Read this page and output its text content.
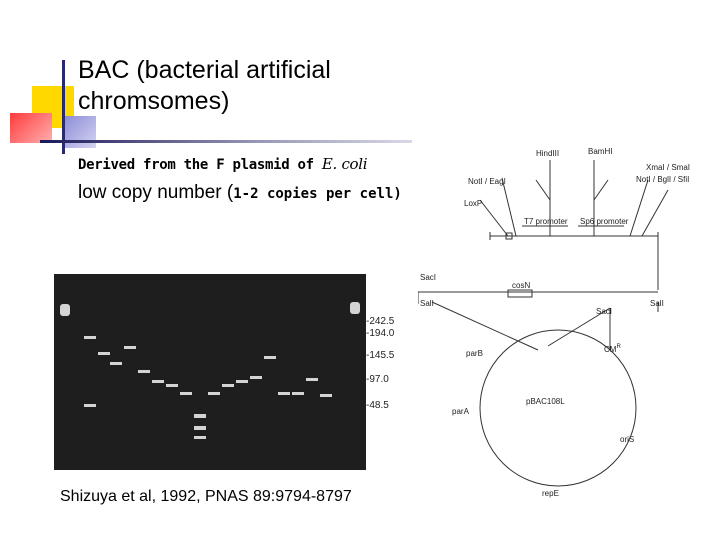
BAC (bacterial artificial chromsomes)
Derived from the F plasmid of E. coli
low copy number (1-2 copies per cell)
-242.5
-194.0
-145.5
-97.0
-48.5
Shizuya et al, 1992, PNAS 89:9794-8797
HindIII	BamHI
XmaI / SmaI
NotI / BglI / SfiI
NotI / EagI
LoxP
T7 promoter Sp6 promoter
SacI
SalI
cosN
SacI
SalI
parB	$CM^R$
pBAC108L
parA
oriS
repE
